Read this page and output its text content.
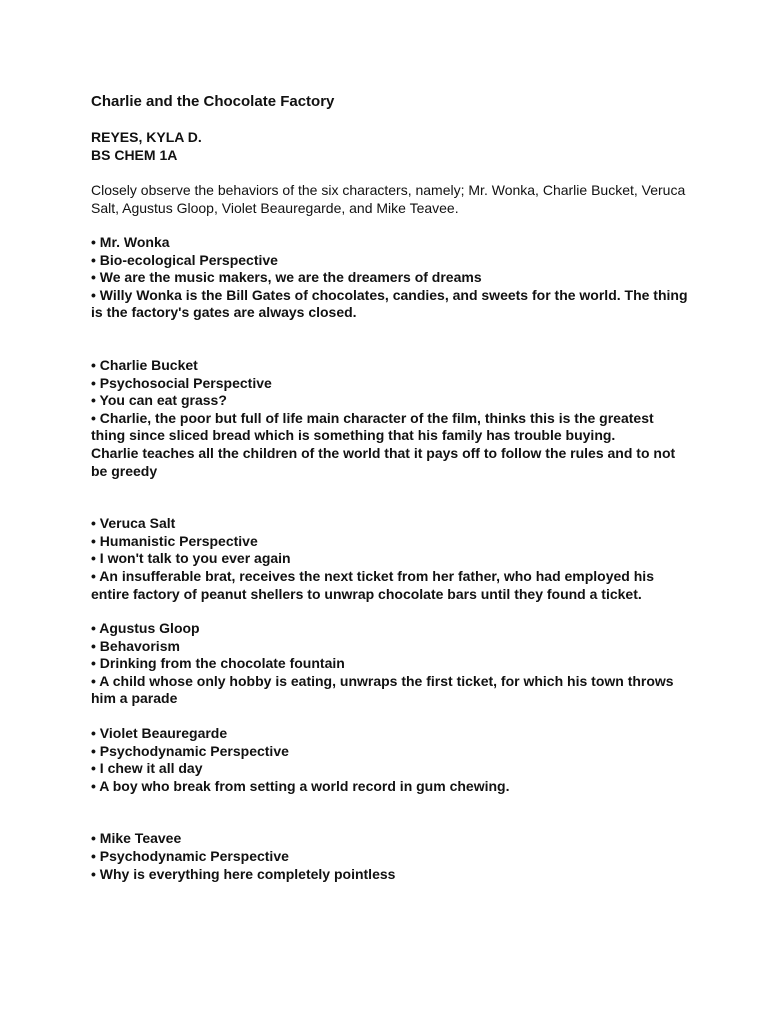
Charlie and the Chocolate Factory
REYES, KYLA D.
BS CHEM 1A
Closely observe the behaviors of the six characters, namely; Mr. Wonka, Charlie Bucket, Veruca Salt, Agustus Gloop, Violet Beauregarde, and Mike Teavee.
• Mr. Wonka
• Bio-ecological Perspective
• We are the music makers, we are the dreamers of dreams
• Willy Wonka is the Bill Gates of chocolates, candies, and sweets for the world. The thing is the factory's gates are always closed.
• Charlie Bucket
• Psychosocial Perspective
• You can eat grass?
• Charlie, the poor but full of life main character of the film, thinks this is the greatest thing since sliced bread which is something that his family has trouble buying.
Charlie teaches all the children of the world that it pays off to follow the rules and to not be greedy
• Veruca Salt
• Humanistic Perspective
• I won't talk to you ever again
• An insufferable brat, receives the next ticket from her father, who had employed his entire factory of peanut shellers to unwrap chocolate bars until they found a ticket.
• Agustus Gloop
• Behavorism
• Drinking from the chocolate fountain
• A child whose only hobby is eating, unwraps the first ticket, for which his town throws him a parade
• Violet Beauregarde
• Psychodynamic Perspective
• I chew it all day
• A boy who break from setting a world record in gum chewing.
• Mike Teavee
• Psychodynamic Perspective
• Why is everything here completely pointless
